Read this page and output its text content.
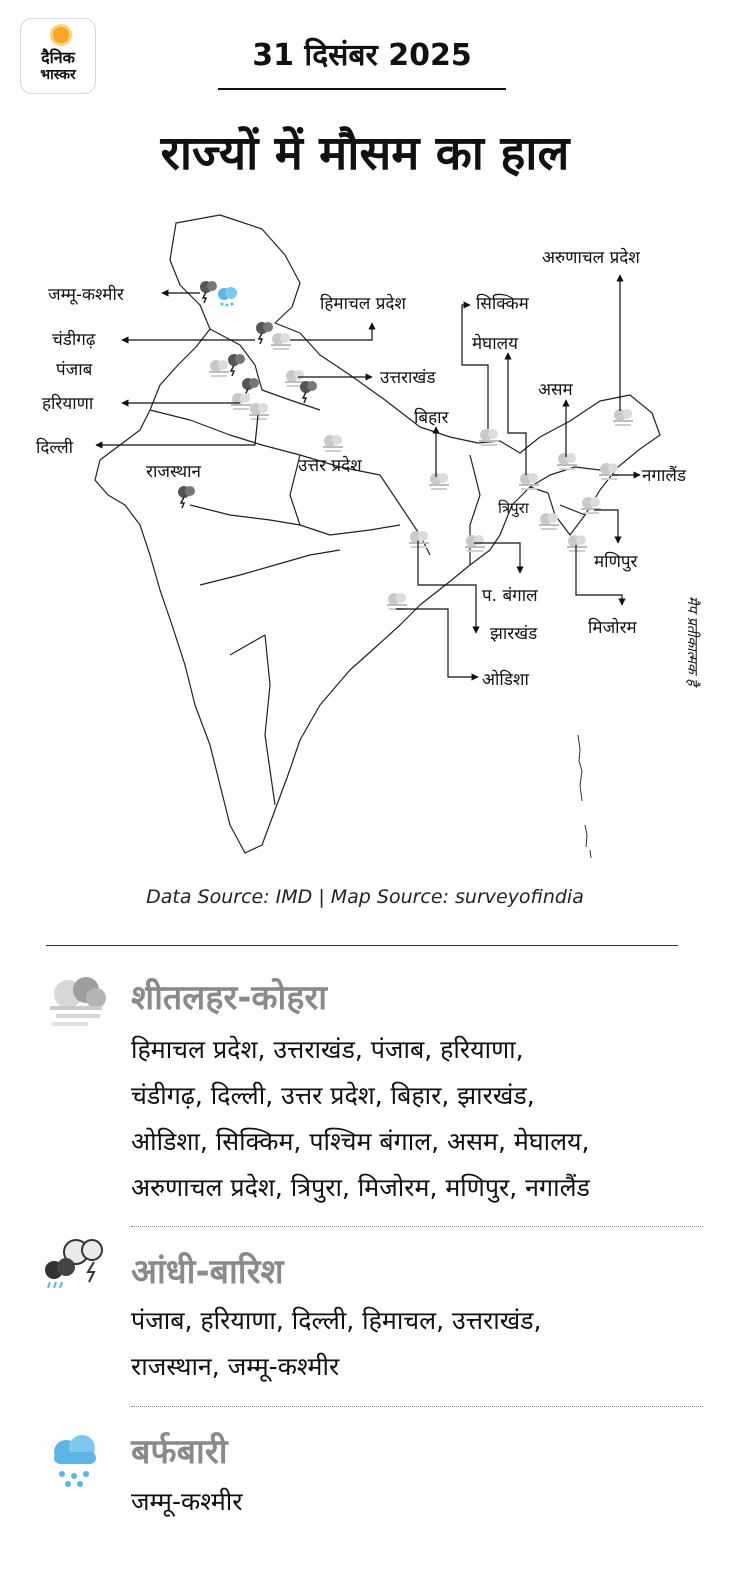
दैनिक
भास्कर
31 दिसंबर 2025
राज्यों में मौसम का हाल
जम्मू-कश्मीर
चंडीगढ़
पंजाब
हरियाणा
दिल्ली
राजस्थान
हिमाचल प्रदेश
उत्तराखंड
उत्तर प्रदेश
बिहार
सिक्किम
मेघालय
असम
अरुणाचल प्रदेश
नगालैंड
त्रिपुरा
मणिपुर
मिजोरम
प. बंगाल
झारखंड
ओडिशा	मैप प्रतीकात्मक है
Data Source: IMD | Map Source: surveyofindia
शीतलहर-कोहरा
हिमाचल प्रदेश, उत्तराखंड, पंजाब, हरियाणा,
चंडीगढ़, दिल्ली, उत्तर प्रदेश, बिहार, झारखंड,
ओडिशा, सिक्किम, पश्चिम बंगाल, असम, मेघालय,
अरुणाचल प्रदेश, त्रिपुरा, मिजोरम, मणिपुर, नगालैंड
आंधी-बारिश
पंजाब, हरियाणा, दिल्ली, हिमाचल, उत्तराखंड,
राजस्थान, जम्मू-कश्मीर
बर्फबारी
जम्मू-कश्मीर
